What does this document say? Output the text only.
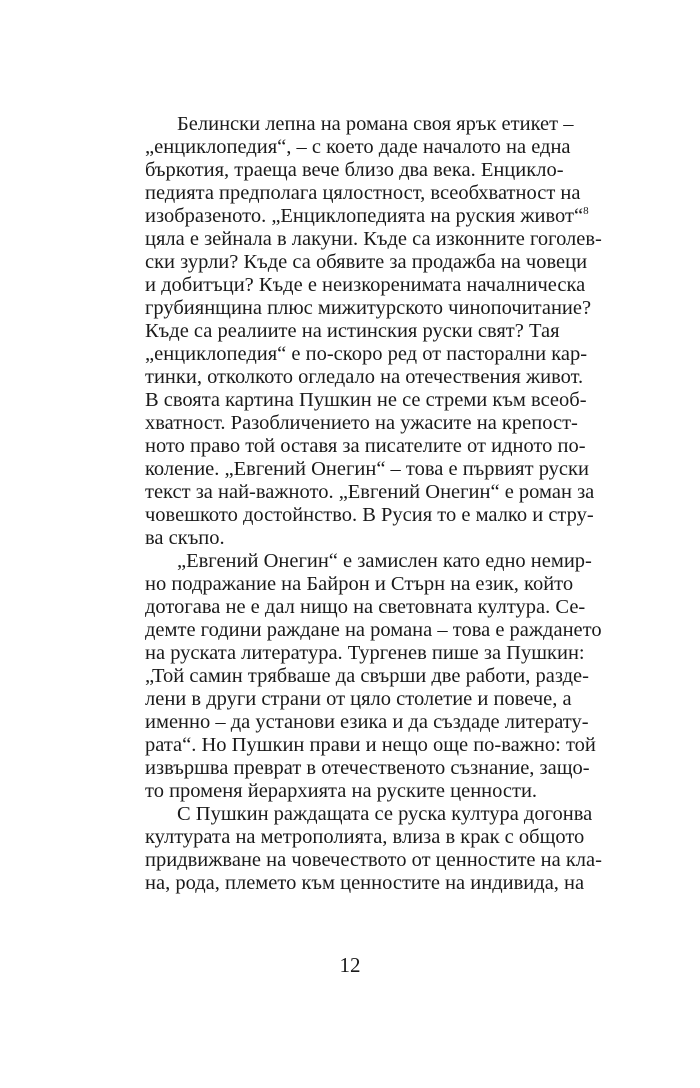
Белински лепна на романа своя ярък етикет –
„енциклопедия“, – с което даде началото на една
бъркотия, траеща вече близо два века. Енцикло-
педията предполага цялостност, всеобхватност на
изобразеното. „Енциклопедията на руския живот“$^8$
цяла е зейнала в лакуни. Къде са изконните гоголев-
ски зурли? Къде са обявите за продажба на човеци
и добитъци? Къде е неизкоренимата началническа
грубиянщина плюс мижитурското чинопочитание?
Къде са реалиите на истинския руски свят? Тая
„енциклопедия“ е по-скоро ред от пасторални кар-
тинки, отколкото огледало на отечествения живот.
В своята картина Пушкин не се стреми към всеоб-
хватност. Разобличението на ужасите на крепост-
ното право той оставя за писателите от идното по-
коление. „Евгений Онегин“ – това е първият руски
текст за най-важното. „Евгений Онегин“ е роман за
човешкото достойнство. В Русия то е малко и стру-
ва скъпо.
„Евгений Онегин“ е замислен като едно немир-
но подражание на Байрон и Стърн на език, който
дотогава не е дал нищо на световната култура. Се-
демте години раждане на романа – това е раждането
на руската литература. Тургенев пише за Пушкин:
„Той самин трябваше да свърши две работи, разде-
лени в други страни от цяло столетие и повече, а
именно – да установи езика и да създаде литерату-
рата“. Но Пушкин прави и нещо още по-важно: той
извършва преврат в отечественото съзнание, защо-
то променя йерархията на руските ценности.
С Пушкин раждащата се руска култура догонва
културата на метрополията, влиза в крак с общото
придвижване на човечеството от ценностите на кла-
на, рода, племето към ценностите на индивида, на
12
